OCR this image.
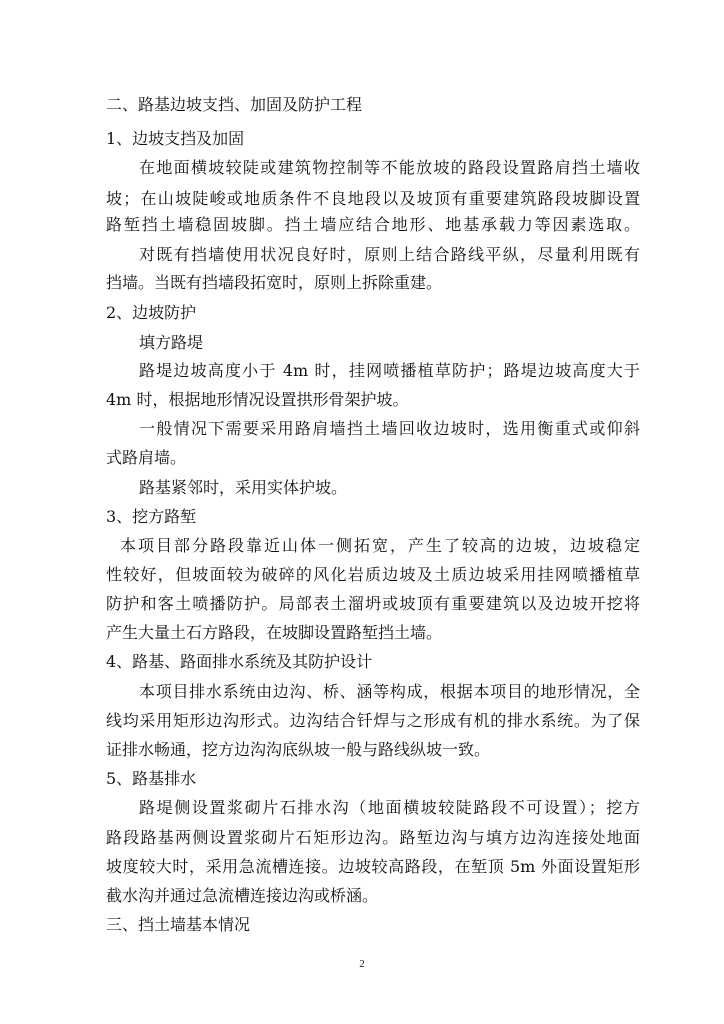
二、路基边坡支挡、加固及防护工程
1、边坡支挡及加固
在地面横坡较陡或建筑物控制等不能放坡的路段设置路肩挡土墙收
坡；在山坡陡峻或地质条件不良地段以及坡顶有重要建筑路段坡脚设置
路堑挡土墙稳固坡脚。挡土墙应结合地形、地基承载力等因素选取。
对既有挡墙使用状况良好时，原则上结合路线平纵，尽量利用既有
挡墙。当既有挡墙段拓宽时，原则上拆除重建。
2、边坡防护
填方路堤
路堤边坡高度小于 4m 时，挂网喷播植草防护；路堤边坡高度大于
4m 时，根据地形情况设置拱形骨架护坡。
一般情况下需要采用路肩墙挡土墙回收边坡时，选用衡重式或仰斜
式路肩墙。
路基紧邻时，采用实体护坡。
3、挖方路堑
本项目部分路段靠近山体一侧拓宽，产生了较高的边坡，边坡稳定
性较好，但坡面较为破碎的风化岩质边坡及土质边坡采用挂网喷播植草
防护和客土喷播防护。局部表土溜坍或坡顶有重要建筑以及边坡开挖将
产生大量土石方路段，在坡脚设置路堑挡土墙。
4、路基、路面排水系统及其防护设计
本项目排水系统由边沟、桥、涵等构成，根据本项目的地形情况，全
线均采用矩形边沟形式。边沟结合钎焊与之形成有机的排水系统。为了保
证排水畅通，挖方边沟沟底纵坡一般与路线纵坡一致。
5、路基排水
路堤侧设置浆砌片石排水沟（地面横坡较陡路段不可设置）；挖方
路段路基两侧设置浆砌片石矩形边沟。路堑边沟与填方边沟连接处地面
坡度较大时，采用急流槽连接。边坡较高路段，在堑顶 5m 外面设置矩形
截水沟并通过急流槽连接边沟或桥涵。
三、挡土墙基本情况
2
